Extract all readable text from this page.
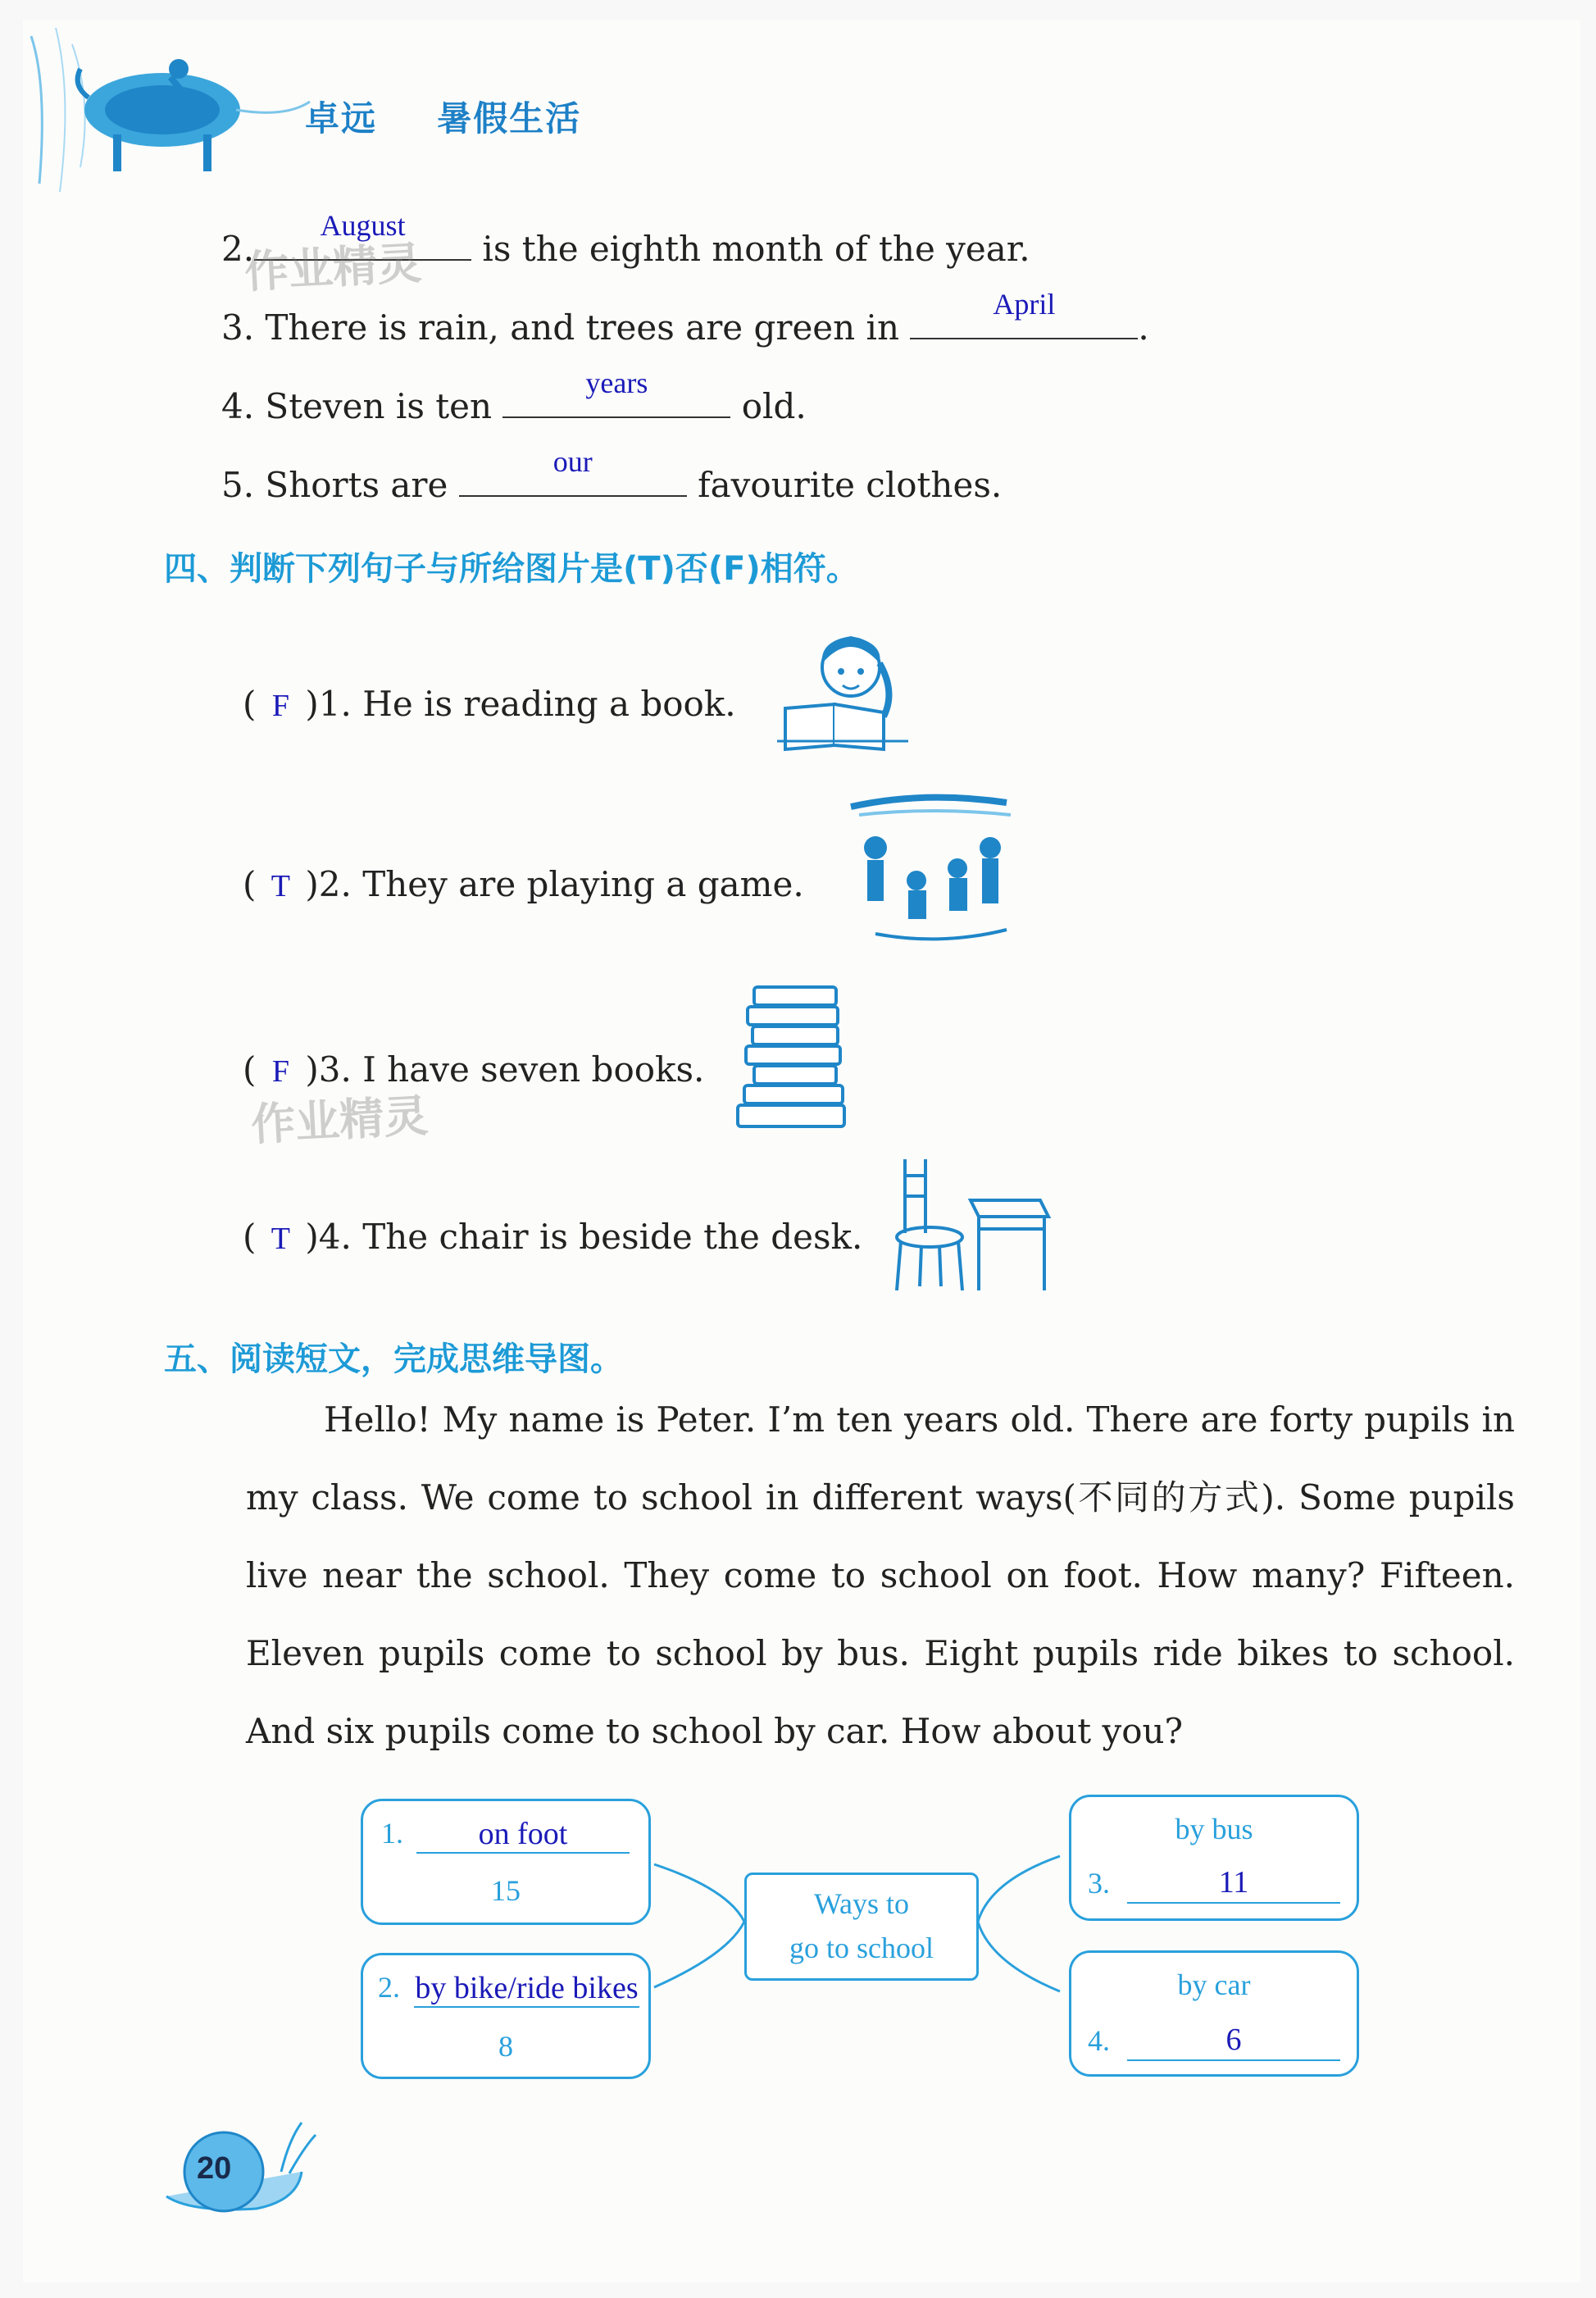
卓远 暑假生活
2.
August
is the eighth month of the year.
作业精灵
3. There is rain, and trees are green in
April
.
4. Steven is ten
years
old.
5. Shorts are
our
favourite clothes.
四、判断下列句子与所给图片是(T)否(F)相符。
( F )1. He is reading a book.
( T )2. They are playing a game.
( F )3. I have seven books.
作业精灵
( T )4. The chair is beside the desk.
五、阅读短文，完成思维导图。
Hello! My name is Peter. I’m ten years old. There are forty pupils in my class. We come to school in different ways(不同的方式). Some pupils live near the school. They come to school on foot. How many? Fifteen. Eleven pupils come to school by bus. Eight pupils ride bikes to school. And six pupils come to school by car. How about you?
1.	on foot
15
2. by bike/ride bikes
8
Ways to
go to school
by bus
3.	11
by car
4.	6
20
